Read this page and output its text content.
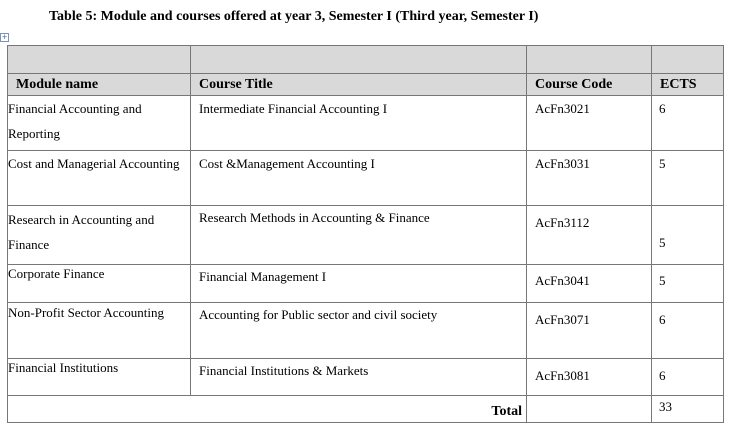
Table 5: Module and courses offered at year 3, Semester I (Third year, Semester I)
+

Module name	Course Title	Course Code	ECTS
Financial Accounting and Reporting	Intermediate Financial Accounting I	AcFn3021	6
Cost and Managerial Accounting	Cost &Management Accounting I	AcFn3031	5

Research in Accounting and Finance	Research Methods in Accounting & Finance	AcFn3112	5

Corporate Finance	Financial Management I	AcFn3041	5

Non-Profit Sector Accounting	Accounting for Public sector and civil society	AcFn3071	6

Financial Institutions	Financial Institutions & Markets	AcFn3081	6

Total			33
